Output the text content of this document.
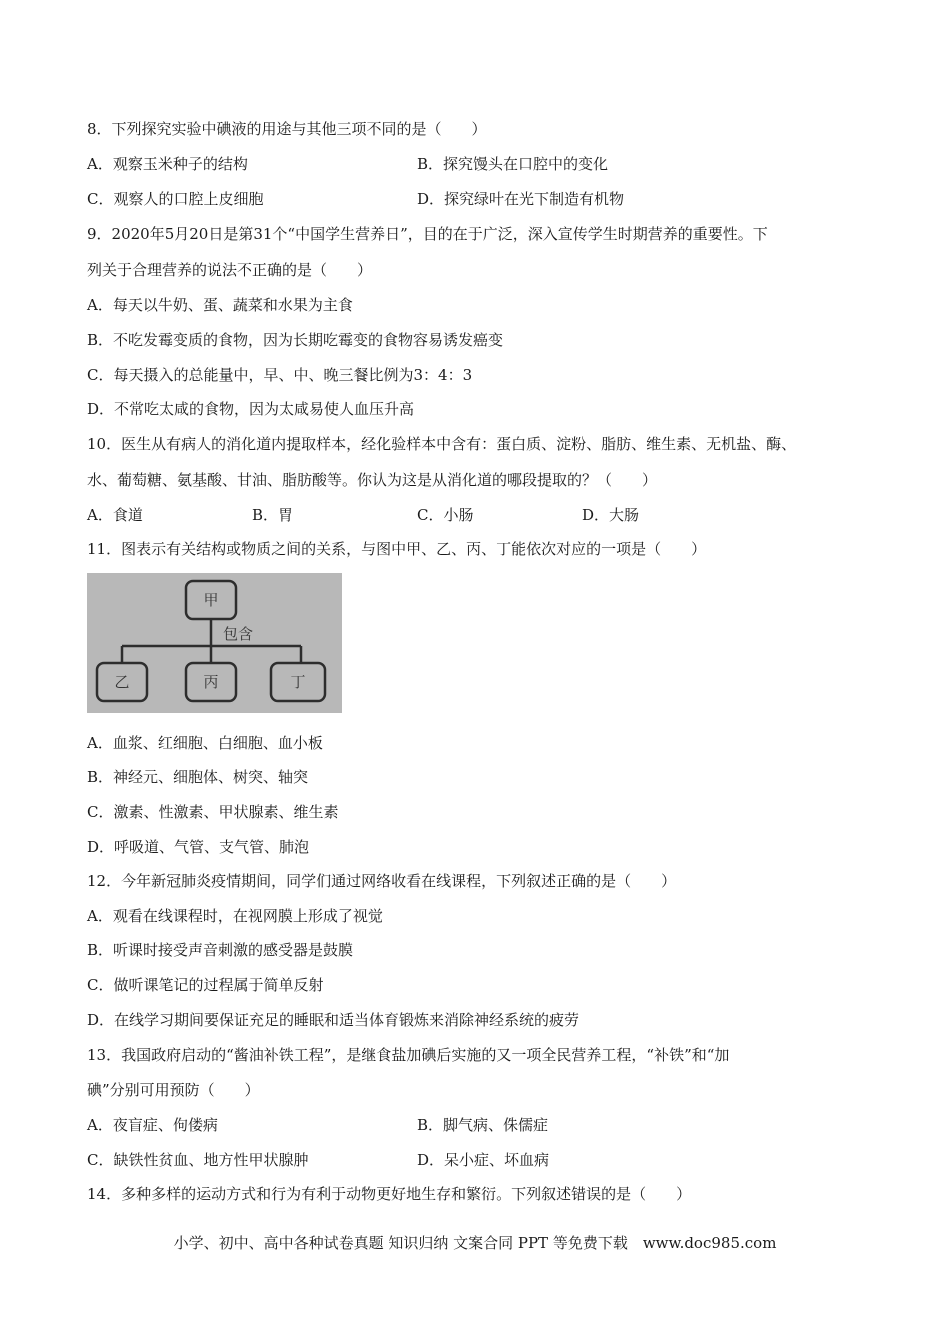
8．下列探究实验中碘液的用途与其他三项不同的是（　　）
A．观察玉米种子的结构	B．探究馒头在口腔中的变化
C．观察人的口腔上皮细胞	D．探究绿叶在光下制造有机物
9．2020年5月20日是第31个“中国学生营养日”，目的在于广泛，深入宣传学生时期营养的重要性。下
列关于合理营养的说法不正确的是（　　）
A．每天以牛奶、蛋、蔬菜和水果为主食
B．不吃发霉变质的食物，因为长期吃霉变的食物容易诱发癌变
C．每天摄入的总能量中，早、中、晚三餐比例为3：4：3
D．不常吃太咸的食物，因为太咸易使人血压升高
10．医生从有病人的消化道内提取样本，经化验样本中含有：蛋白质、淀粉、脂肪、维生素、无机盐、酶、
水、葡萄糖、氨基酸、甘油、脂肪酸等。你认为这是从消化道的哪段提取的？（　　）
A．食道	B．胃	C．小肠	D．大肠
11．图表示有关结构或物质之间的关系，与图中甲、乙、丙、丁能依次对应的一项是（　　）
甲
包含
乙	丙	丁
A．血浆、红细胞、白细胞、血小板
B．神经元、细胞体、树突、轴突
C．激素、性激素、甲状腺素、维生素
D．呼吸道、气管、支气管、肺泡
12．今年新冠肺炎疫情期间，同学们通过网络收看在线课程，下列叙述正确的是（　　）
A．观看在线课程时，在视网膜上形成了视觉
B．听课时接受声音刺激的感受器是鼓膜
C．做听课笔记的过程属于简单反射
D．在线学习期间要保证充足的睡眠和适当体育锻炼来消除神经系统的疲劳
13．我国政府启动的“酱油补铁工程”，是继食盐加碘后实施的又一项全民营养工程，“补铁”和“加
碘”分别可用预防（　　）
A．夜盲症、佝偻病	B．脚气病、侏儒症
C．缺铁性贫血、地方性甲状腺肿	D．呆小症、坏血病
14．多种多样的运动方式和行为有利于动物更好地生存和繁衍。下列叙述错误的是（　　）
小学、初中、高中各种试卷真题 知识归纳 文案合同 PPT 等免费下载　www.doc985.com
